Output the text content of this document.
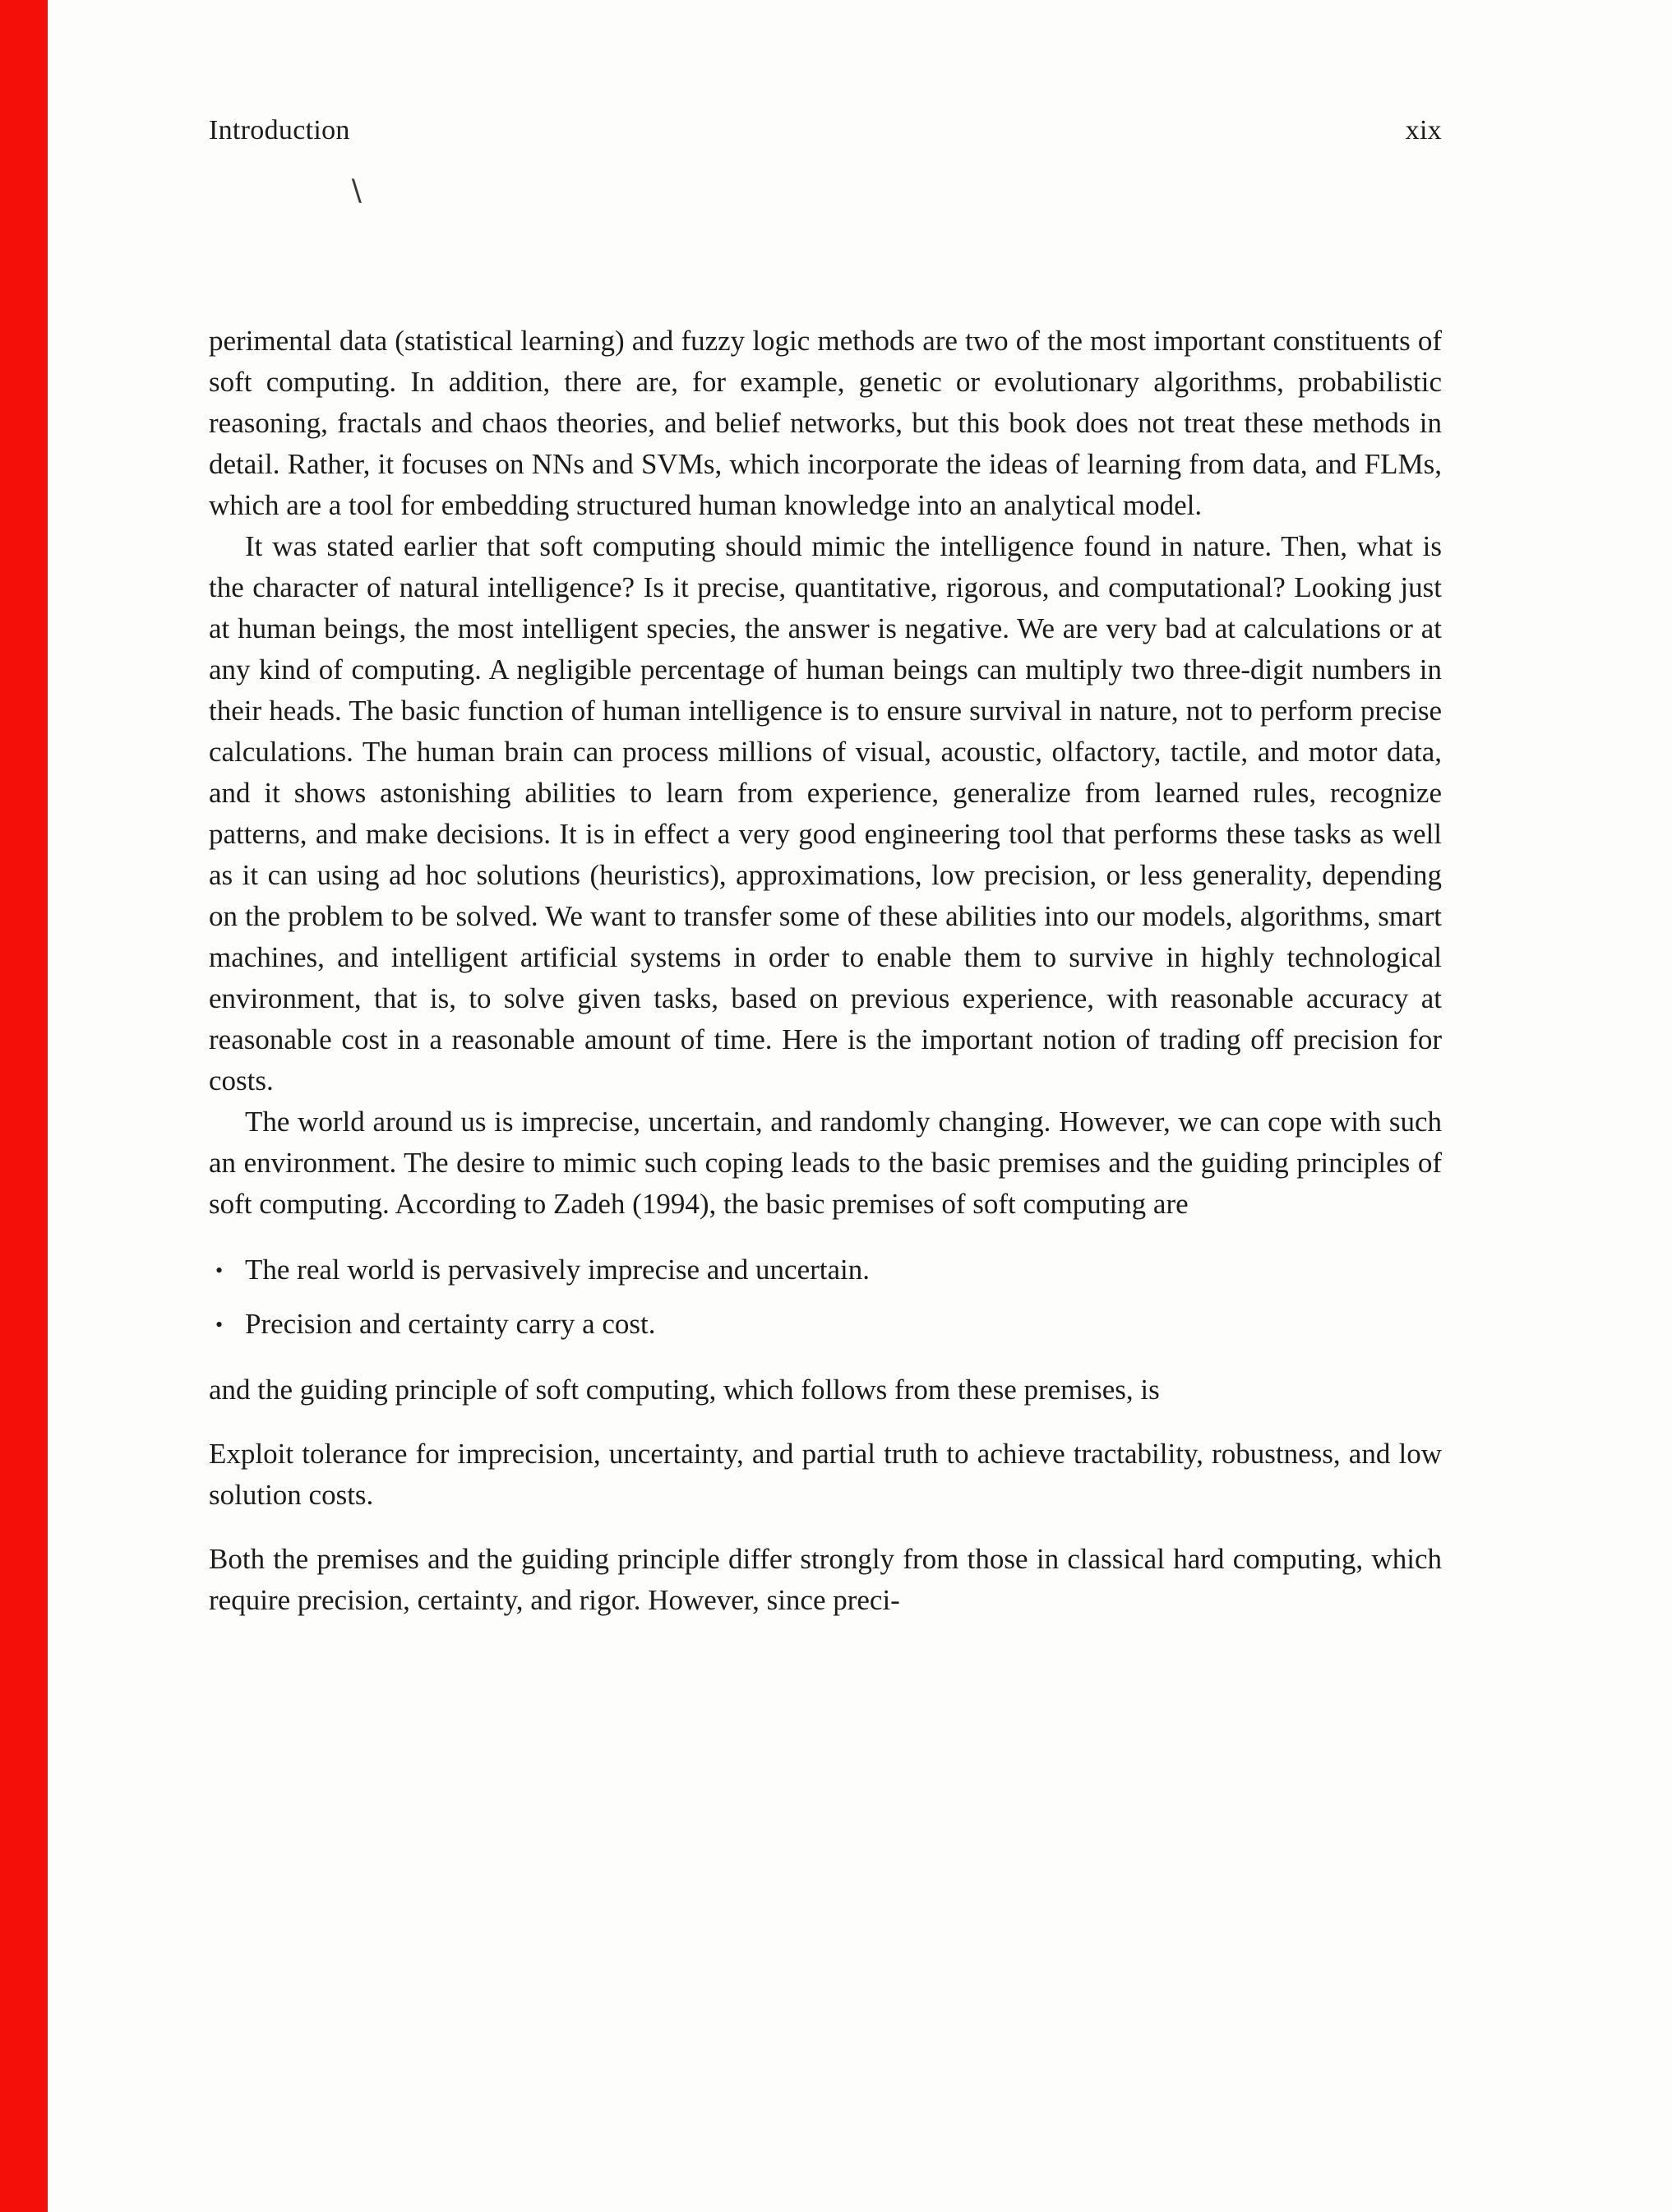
\
Introduction	xix

perimental data (statistical learning) and fuzzy logic methods are two of the most important constituents of soft computing. In addition, there are, for example, genetic or evolutionary algorithms, probabilistic reasoning, fractals and chaos theories, and belief networks, but this book does not treat these methods in detail. Rather, it focuses on NNs and SVMs, which incorporate the ideas of learning from data, and FLMs, which are a tool for embedding structured human knowledge into an analytical model.

It was stated earlier that soft computing should mimic the intelligence found in nature. Then, what is the character of natural intelligence? Is it precise, quantitative, rigorous, and computational? Looking just at human beings, the most intelligent species, the answer is negative. We are very bad at calculations or at any kind of computing. A negligible percentage of human beings can multiply two three-digit numbers in their heads. The basic function of human intelligence is to ensure survival in nature, not to perform precise calculations. The human brain can process millions of visual, acoustic, olfactory, tactile, and motor data, and it shows astonishing abilities to learn from experience, generalize from learned rules, recognize patterns, and make decisions. It is in effect a very good engineering tool that performs these tasks as well as it can using ad hoc solutions (heuristics), approximations, low precision, or less generality, depending on the problem to be solved. We want to transfer some of these abilities into our models, algorithms, smart machines, and intelligent artificial systems in order to enable them to survive in highly technological environment, that is, to solve given tasks, based on previous experience, with reasonable accuracy at reasonable cost in a reasonable amount of time. Here is the important notion of trading off precision for costs.

The world around us is imprecise, uncertain, and randomly changing. However, we can cope with such an environment. The desire to mimic such coping leads to the basic premises and the guiding principles of soft computing. According to Zadeh (1994), the basic premises of soft computing are

• The real world is pervasively imprecise and uncertain.
• Precision and certainty carry a cost.

and the guiding principle of soft computing, which follows from these premises, is

Exploit tolerance for imprecision, uncertainty, and partial truth to achieve tractability, robustness, and low solution costs.

Both the premises and the guiding principle differ strongly from those in classical hard computing, which require precision, certainty, and rigor. However, since preci-
